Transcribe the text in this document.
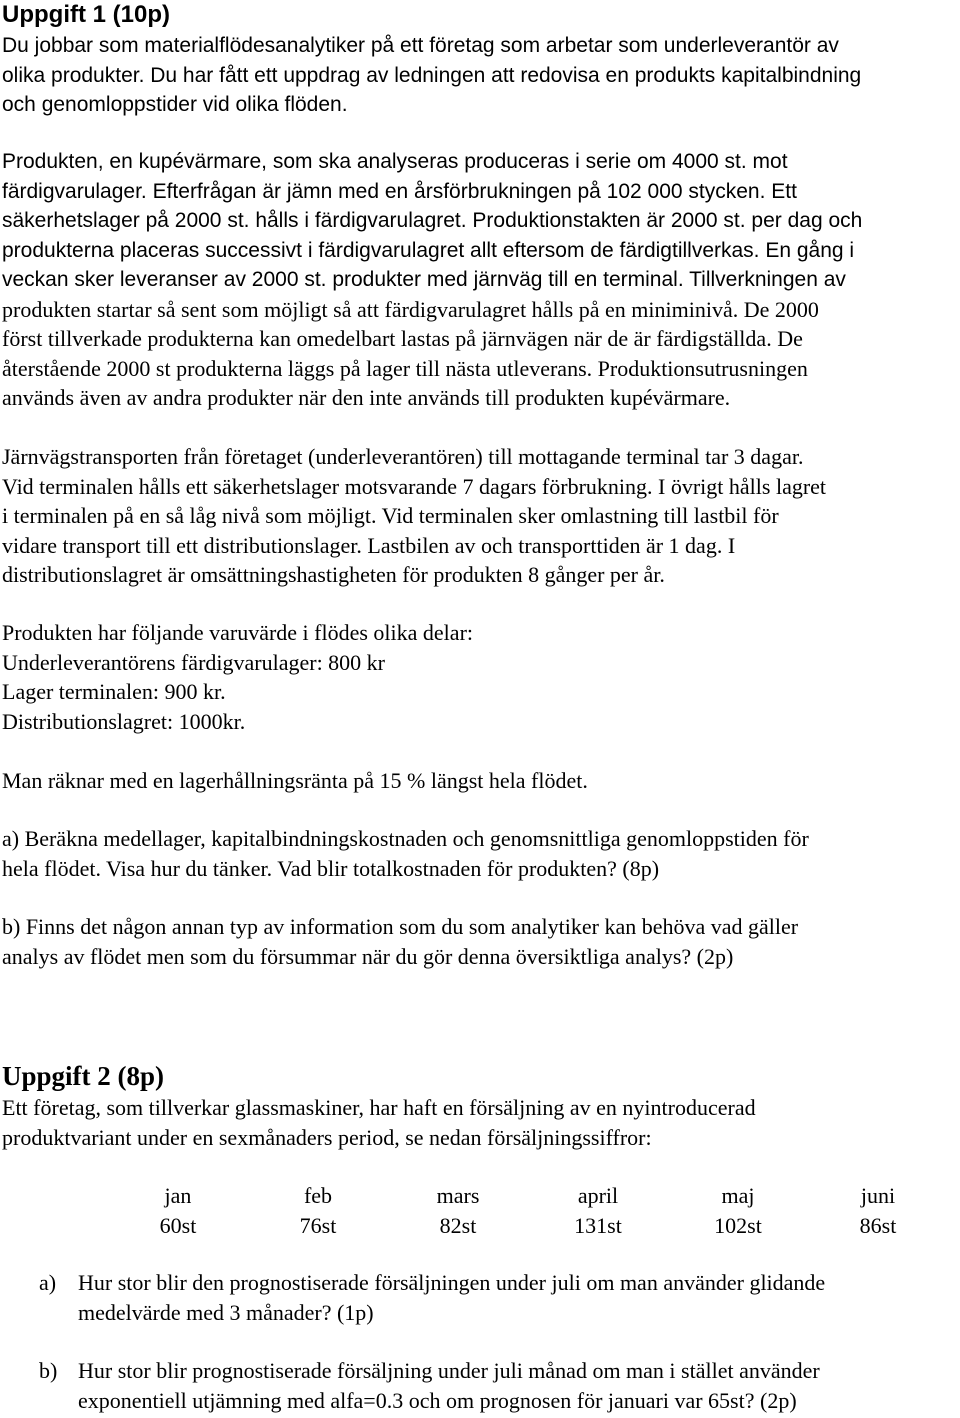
Uppgift 1 (10p)

Du jobbar som materialflödesanalytiker på ett företag som arbetar som underleverantör av
olika produkter. Du har fått ett uppdrag av ledningen att redovisa en produkts kapitalbindning
och genomloppstider vid olika flöden.

Produkten, en kupévärmare, som ska analyseras produceras i serie om 4000 st. mot
färdigvarulager. Efterfrågan är jämn med en årsförbrukningen på 102 000 stycken. Ett
säkerhetslager på 2000 st. hålls i färdigvarulagret. Produktionstakten är 2000 st. per dag och
produkterna placeras successivt i färdigvarulagret allt eftersom de färdigtillverkas. En gång i
veckan sker leveranser av 2000 st. produkter med järnväg till en terminal. Tillverkningen av
produkten startar så sent som möjligt så att färdigvarulagret hålls på en miniminivå. De 2000
först tillverkade produkterna kan omedelbart lastas på järnvägen när de är färdigställda. De
återstående 2000 st produkterna läggs på lager till nästa utleverans. Produktionsutrusningen
används även av andra produkter när den inte används till produkten kupévärmare.

Järnvägstransporten från företaget (underleverantören) till mottagande terminal tar 3 dagar.
Vid terminalen hålls ett säkerhetslager motsvarande 7 dagars förbrukning. I övrigt hålls lagret
i terminalen på en så låg nivå som möjligt. Vid terminalen sker omlastning till lastbil för
vidare transport till ett distributionslager. Lastbilen av och transporttiden är 1 dag. I
distributionslagret är omsättningshastigheten för produkten 8 gånger per år.

Produkten har följande varuvärde i flödes olika delar:
Underleverantörens färdigvarulager: 800 kr
Lager terminalen: 900 kr.
Distributionslagret: 1000kr.

Man räknar med en lagerhållningsränta på 15 % längst hela flödet.

a) Beräkna medellager, kapitalbindningskostnaden och genomsnittliga genomloppstiden för
hela flödet. Visa hur du tänker. Vad blir totalkostnaden för produkten? (8p)

b) Finns det någon annan typ av information som du som analytiker kan behöva vad gäller
analys av flödet men som du försummar när du gör denna översiktliga analys? (2p)

Uppgift 2 (8p)

Ett företag, som tillverkar glassmaskiner, har haft en försäljning av en nyintroducerad
produktvariant under en sexmånaders period, se nedan försäljningssiffror:

jan	feb	mars	april	maj	juni
60st	76st	82st	131st	102st	86st
a) Hur stor blir den prognostiserade försäljningen under juli om man använder glidande
medelvärde med 3 månader? (1p)
b) Hur stor blir prognostiserade försäljning under juli månad om man i stället använder
exponentiell utjämning med alfa=0.3 och om prognosen för januari var 65st? (2p)
